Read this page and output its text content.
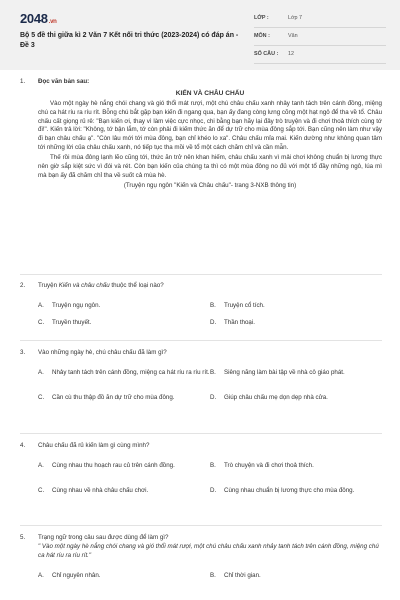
2048.vn
Bộ 5 đề thi giữa kì 2 Văn 7 Kết nối tri thức (2023-2024) có đáp án - Đề 3
LỚP :	Lớp 7
MÔN :	Văn
SỐ CÂU :	12
1. Đọc văn bản sau:
KIẾN VÀ CHÂU CHẤU
Vào một ngày hè nắng chói chang và gió thổi mát rượi, một chú châu chấu xanh nhảy tanh tách trên cánh đồng, miệng chú ca hát ríu ra ríu rít. Bỗng chú bắt gặp bạn kiến đi ngang qua, bạn ấy đang còng lưng cõng một hạt ngô để tha về tổ. Châu chấu cất giọng rủ rê: "Bạn kiến ơi, thay vì làm việc cực nhọc, chi bằng bạn hãy lại đây trò truyện và đi chơi thoả thích cùng tớ đi!". Kiến trả lời: "Không, tớ bận lắm, tớ còn phải đi kiếm thức ăn để dự trữ cho mùa đông sắp tới. Bạn cũng nên làm như vậy đi bạn châu chấu ạ". "Còn lâu mới tới mùa đông, bạn chỉ khéo lo xa". Châu chấu mỉa mai. Kiến dường như không quan tâm tới những lời của châu chấu xanh, nó tiếp tục tha mồi về tổ một cách chăm chỉ và cần mẫn.
Thế rồi mùa đông lạnh lẽo cũng tới, thức ăn trở nên khan hiếm, châu chấu xanh vì mải chơi không chuẩn bị lương thực nên giờ sắp kiệt sức vì đói và rét. Còn bạn kiến của chúng ta thì có một mùa đông no đủ với một tổ đầy những ngô, lúa mì mà bạn ấy đã chăm chỉ tha về suốt cả mùa hè.
(Truyện ngụ ngôn "Kiến và Châu chấu"- trang 3-NXB thông tin)
2. Truyện Kiến và châu chấu thuộc thể loại nào?
A.	Truyện ngụ ngôn.	B.	Truyện cổ tích.
C.	Truyền thuyết.	D.	Thần thoại.
3. Vào những ngày hè, chú châu chấu đã làm gì?
A.	Nhảy tanh tách trên cánh đồng, miệng ca hát ríu ra ríu rít. B.	Siêng năng làm bài tập về nhà cô giáo phát.
C.	Cần cù thu thập đồ ăn dự trữ cho mùa đông.	D.	Giúp châu chấu mẹ dọn dẹp nhà cửa.
4. Châu chấu đã rủ kiến làm gì cùng mình?
A.	Cùng nhau thu hoạch rau củ trên cánh đồng.	B.	Trò chuyện và đi chơi thoả thích.
C.	Cùng nhau về nhà châu chấu chơi.	D.	Cùng nhau chuẩn bị lương thực cho mùa đông.
5. Trạng ngữ trong câu sau được dùng để làm gì?
" Vào một ngày hè nắng chói chang và gió thổi mát rượi, một chú châu chấu xanh nhảy tanh tách trên cánh đồng, miệng chú ca hát ríu ra ríu rít."
A.	Chỉ nguyên nhân.	B.	Chỉ thời gian.
